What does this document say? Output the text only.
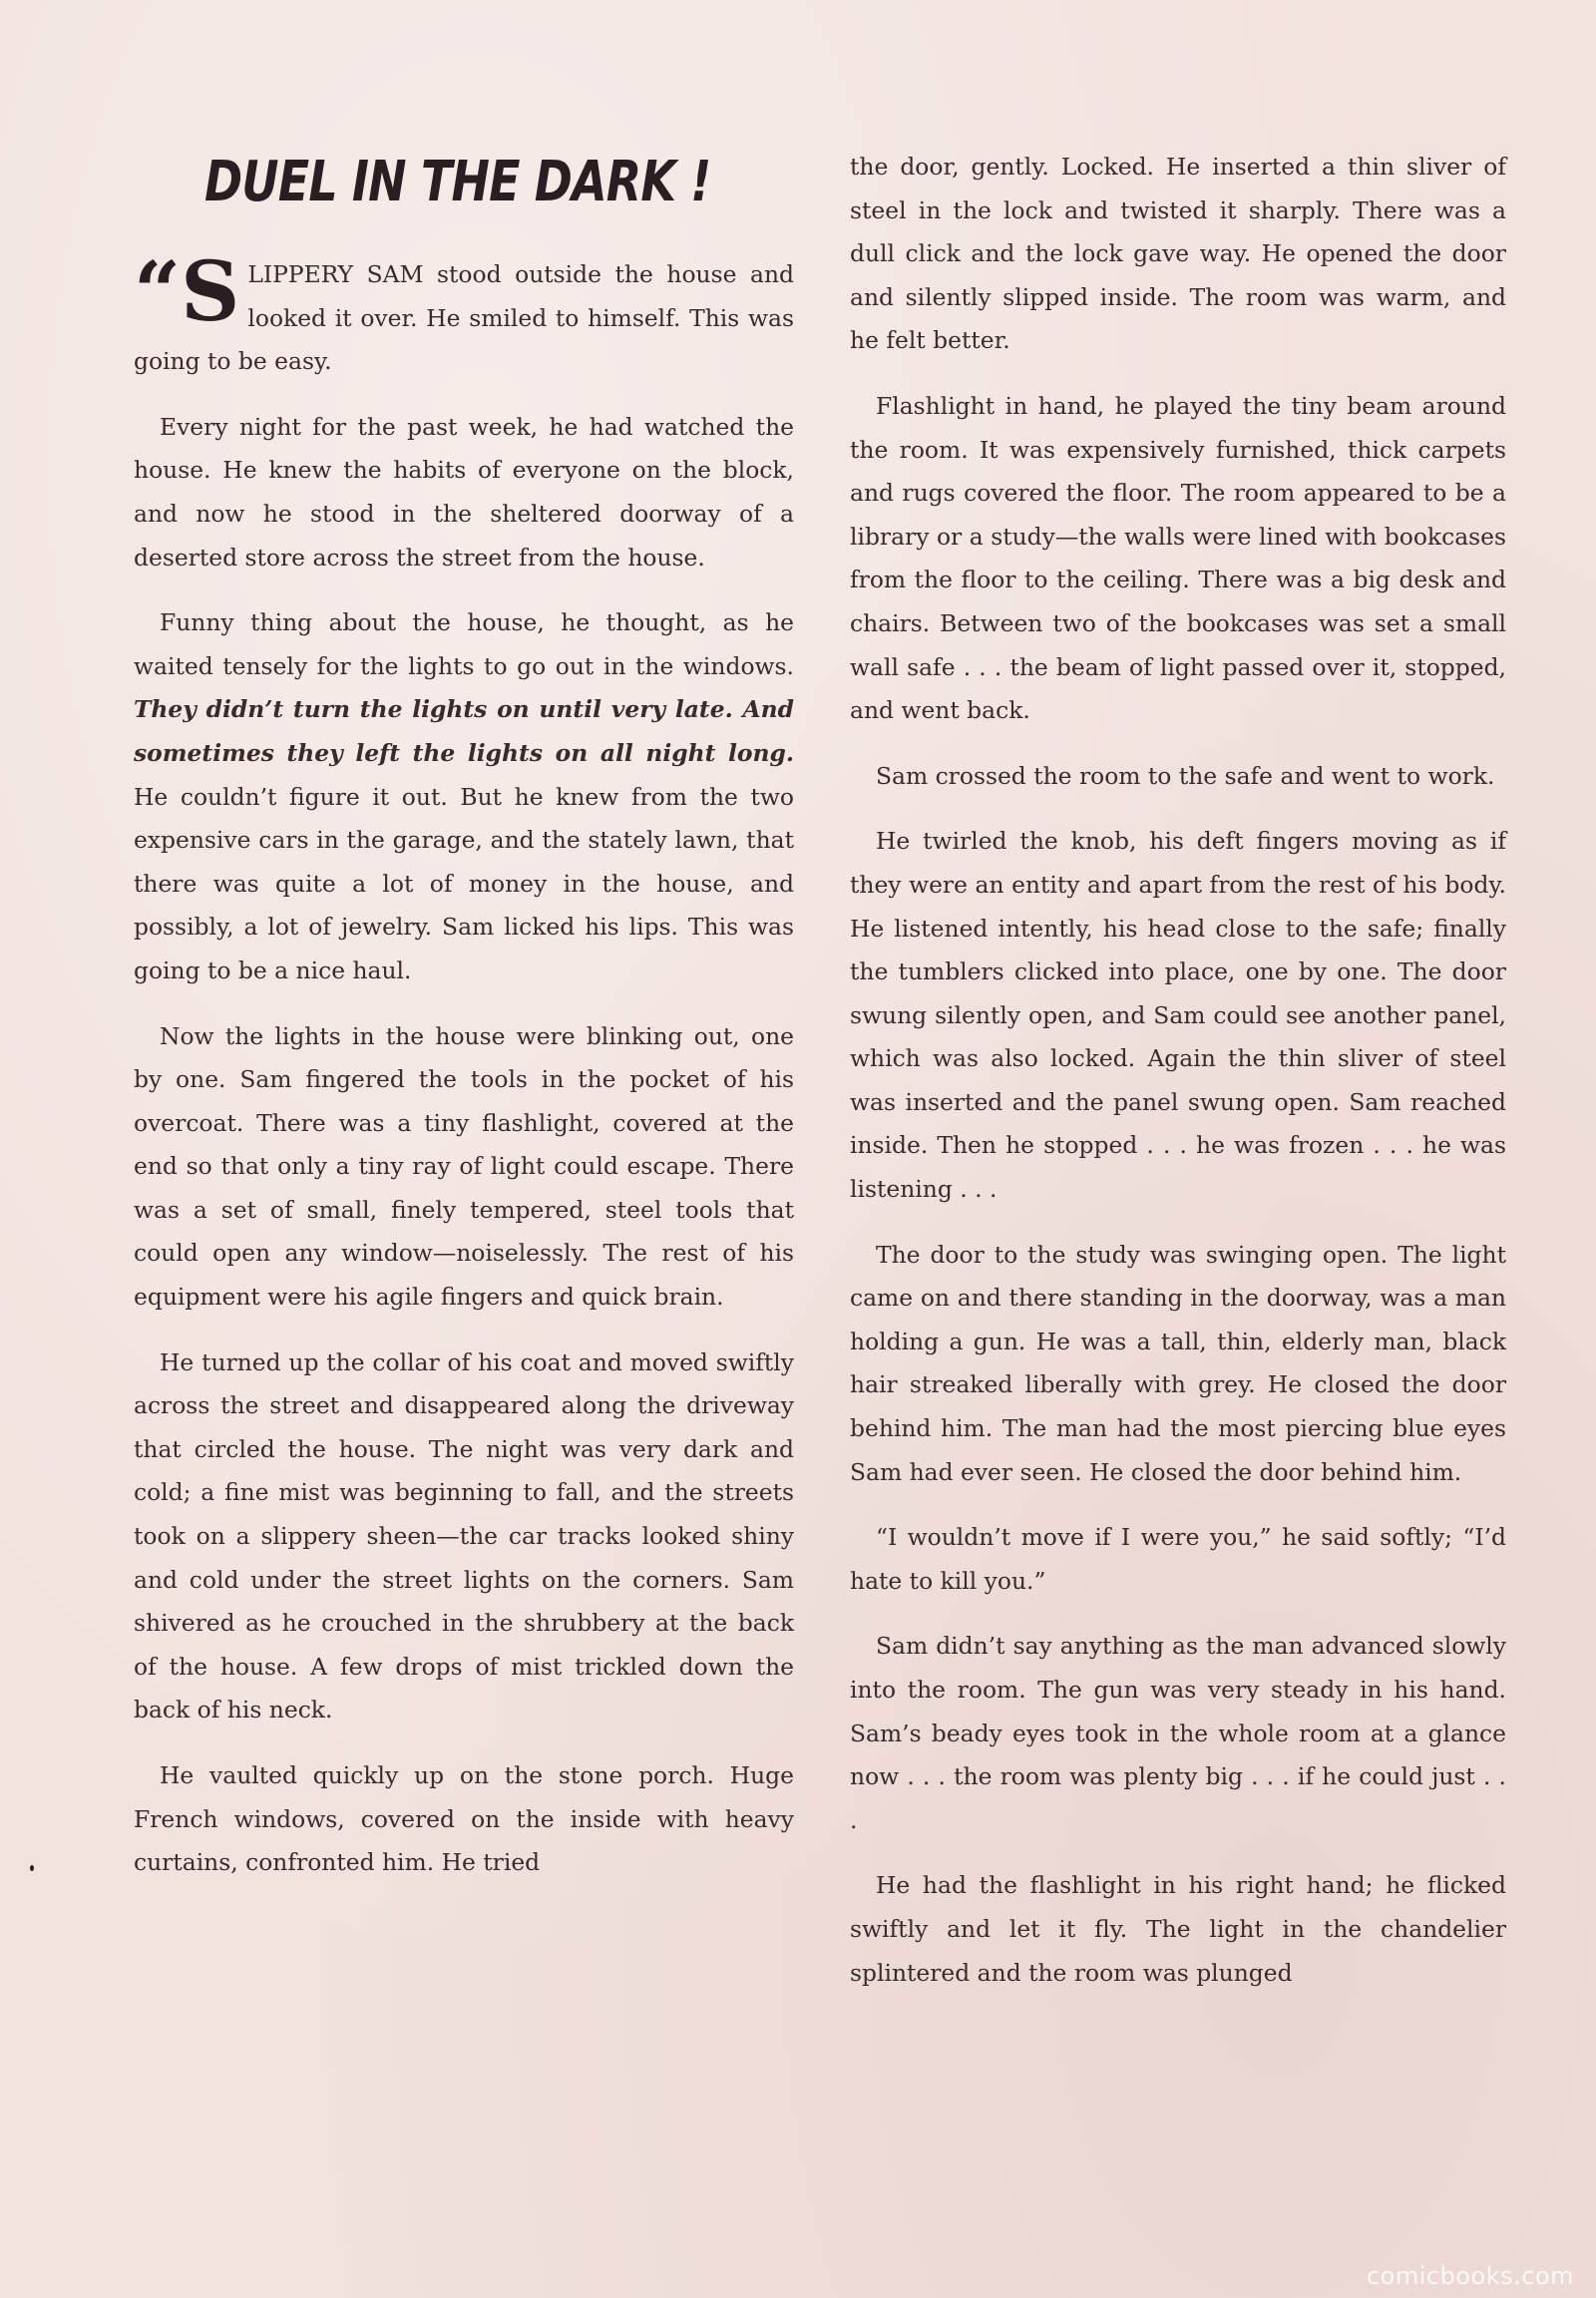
DUEL IN THE DARK !

“S LIPPERY SAM stood outside the house and looked it over. He smiled to himself. This was going to be easy.

Every night for the past week, he had watched the house. He knew the habits of everyone on the block, and now he stood in the sheltered doorway of a deserted store across the street from the house.

Funny thing about the house, he thought, as he waited tensely for the lights to go out in the windows. They didn’t turn the lights on until very late. And sometimes they left the lights on all night long. He couldn’t figure it out. But he knew from the two expensive cars in the garage, and the stately lawn, that there was quite a lot of money in the house, and possibly, a lot of jewelry. Sam licked his lips. This was going to be a nice haul.

Now the lights in the house were blinking out, one by one. Sam fingered the tools in the pocket of his overcoat. There was a tiny flashlight, covered at the end so that only a tiny ray of light could escape. There was a set of small, finely tempered, steel tools that could open any window—noiselessly. The rest of his equipment were his agile fingers and quick brain.

He turned up the collar of his coat and moved swiftly across the street and disappeared along the driveway that circled the house. The night was very dark and cold; a fine mist was beginning to fall, and the streets took on a slippery sheen—the car tracks looked shiny and cold under the street lights on the corners. Sam shivered as he crouched in the shrubbery at the back of the house. A few drops of mist trickled down the back of his neck.

He vaulted quickly up on the stone porch. Huge French windows, covered on the inside with heavy curtains, confronted him. He tried

the door, gently. Locked. He inserted a thin sliver of steel in the lock and twisted it sharply. There was a dull click and the lock gave way. He opened the door and silently slipped inside. The room was warm, and he felt better.

Flashlight in hand, he played the tiny beam around the room. It was expensively furnished, thick carpets and rugs covered the floor. The room appeared to be a library or a study—the walls were lined with bookcases from the floor to the ceiling. There was a big desk and chairs. Between two of the bookcases was set a small wall safe . . . the beam of light passed over it, stopped, and went back.

Sam crossed the room to the safe and went to work.

He twirled the knob, his deft fingers moving as if they were an entity and apart from the rest of his body. He listened intently, his head close to the safe; finally the tumblers clicked into place, one by one. The door swung silently open, and Sam could see another panel, which was also locked. Again the thin sliver of steel was inserted and the panel swung open. Sam reached inside. Then he stopped . . . he was frozen . . . he was listening . . .

The door to the study was swinging open. The light came on and there standing in the doorway, was a man holding a gun. He was a tall, thin, elderly man, black hair streaked liberally with grey. He closed the door behind him. The man had the most piercing blue eyes Sam had ever seen. He closed the door behind him.

“I wouldn’t move if I were you,” he said softly; “I’d hate to kill you.”

Sam didn’t say anything as the man advanced slowly into the room. The gun was very steady in his hand. Sam’s beady eyes took in the whole room at a glance now . . . the room was plenty big . . . if he could just . . .

He had the flashlight in his right hand; he flicked swiftly and let it fly. The light in the chandelier splintered and the room was plunged

comicbooks.com
